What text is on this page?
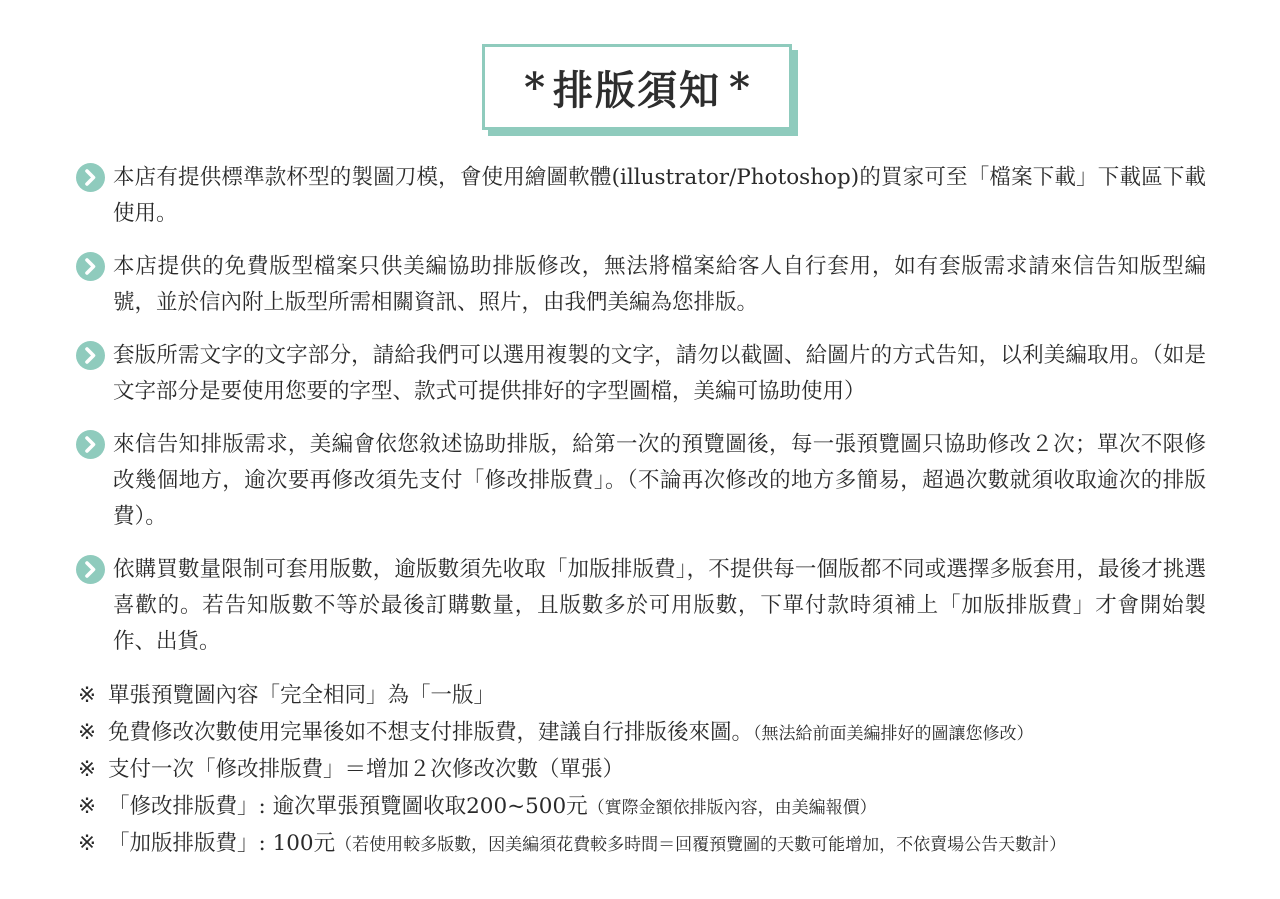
* 排版須知 *
本店有提供標準款杯型的製圖刀模，會使用繪圖軟體(illustrator/Photoshop)的買家可至「檔案下載」下載區下載使用。
本店提供的免費版型檔案只供美編協助排版修改，無法將檔案給客人自行套用，如有套版需求請來信告知版型編號，並於信內附上版型所需相關資訊、照片，由我們美編為您排版。
套版所需文字的文字部分，請給我們可以選用複製的文字，請勿以截圖、給圖片的方式告知，以利美編取用。（如是文字部分是要使用您要的字型、款式可提供排好的字型圖檔，美編可協助使用）
來信告知排版需求，美編會依您敘述協助排版，給第一次的預覽圖後，每一張預覽圖只協助修改２次；單次不限修改幾個地方，逾次要再修改須先支付「修改排版費」。（不論再次修改的地方多簡易，超過次數就須收取逾次的排版費）。
依購買數量限制可套用版數，逾版數須先收取「加版排版費」，不提供每一個版都不同或選擇多版套用，最後才挑選喜歡的。若告知版數不等於最後訂購數量，且版數多於可用版數，下單付款時須補上「加版排版費」才會開始製作、出貨。
※ 單張預覽圖內容「完全相同」為「一版」
※ 免費修改次數使用完畢後如不想支付排版費，建議自行排版後來圖。（無法給前面美編排好的圖讓您修改）
※ 支付一次「修改排版費」＝增加２次修改次數（單張）
※ 「修改排版費」: 逾次單張預覽圖收取200~500元（實際金額依排版內容，由美編報價）
※ 「加版排版費」: 100元（若使用較多版數，因美編須花費較多時間＝回覆預覽圖的天數可能增加，不依賣場公告天數計）
